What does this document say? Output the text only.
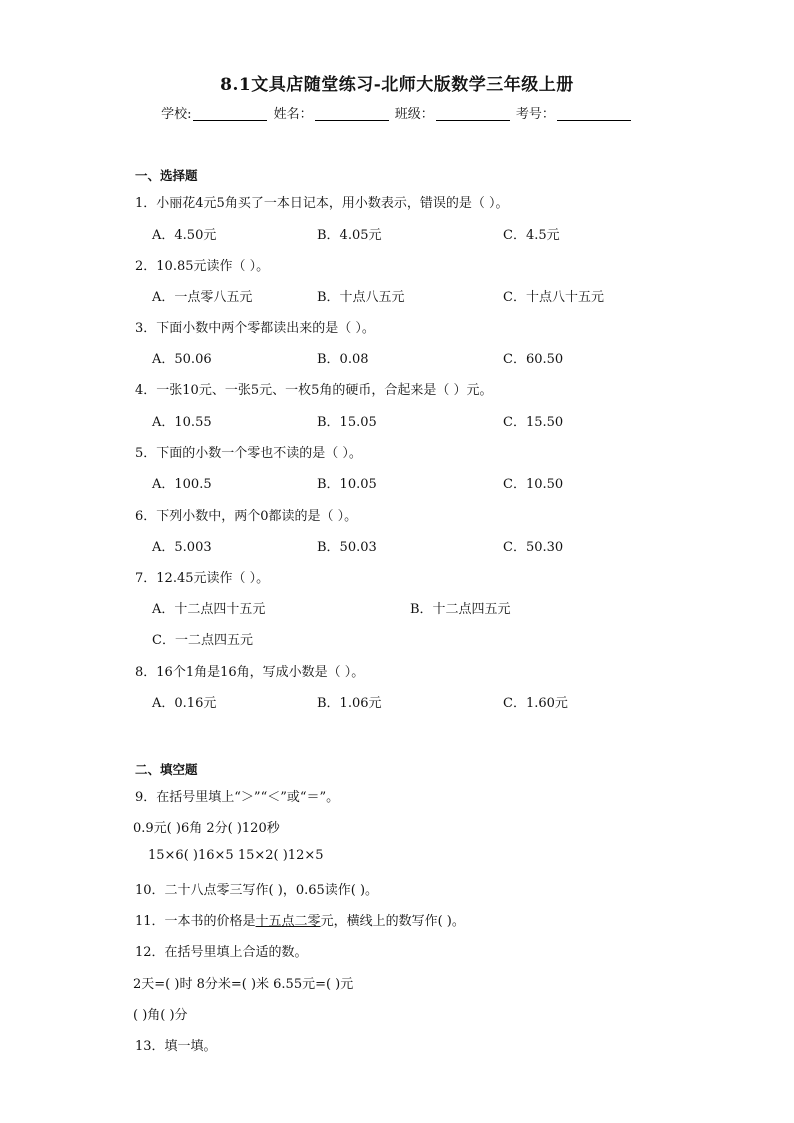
8.1文具店随堂练习-北师大版数学三年级上册
学校:	姓名：	班级：	考号：
一、选择题
1．小丽花4元5角买了一本日记本，用小数表示，错误的是（ ）。
A．4.50元	B．4.05元	C．4.5元
2．10.85元读作（ ）。
A．一点零八五元	B．十点八五元	C．十点八十五元
3．下面小数中两个零都读出来的是（ ）。
A．50.06	B．0.08	C．60.50
4．一张10元、一张5元、一枚5角的硬币，合起来是（ ）元。
A．10.55	B．15.05	C．15.50
5．下面的小数一个零也不读的是（ ）。
A．100.5	B．10.05	C．10.50
6．下列小数中，两个0都读的是（ ）。
A．5.003	B．50.03	C．50.30
7．12.45元读作（ ）。
A．十二点四十五元	B．十二点四五元
C．一二点四五元
8．16个1角是16角，写成小数是（ ）。
A．0.16元	B．1.06元	C．1.60元
二、填空题
9．在括号里填上“＞”“＜”或“＝”。
0.9元( )6角 2分( )120秒
15×6( )16×5 15×2( )12×5
10．二十八点零三写作( )，0.65读作( )。
11．一本书的价格是十五点二零元，横线上的数写作( )。
12．在括号里填上合适的数。
2天=( )时 8分米=( )米 6.55元=( )元
( )角( )分
13．填一填。
